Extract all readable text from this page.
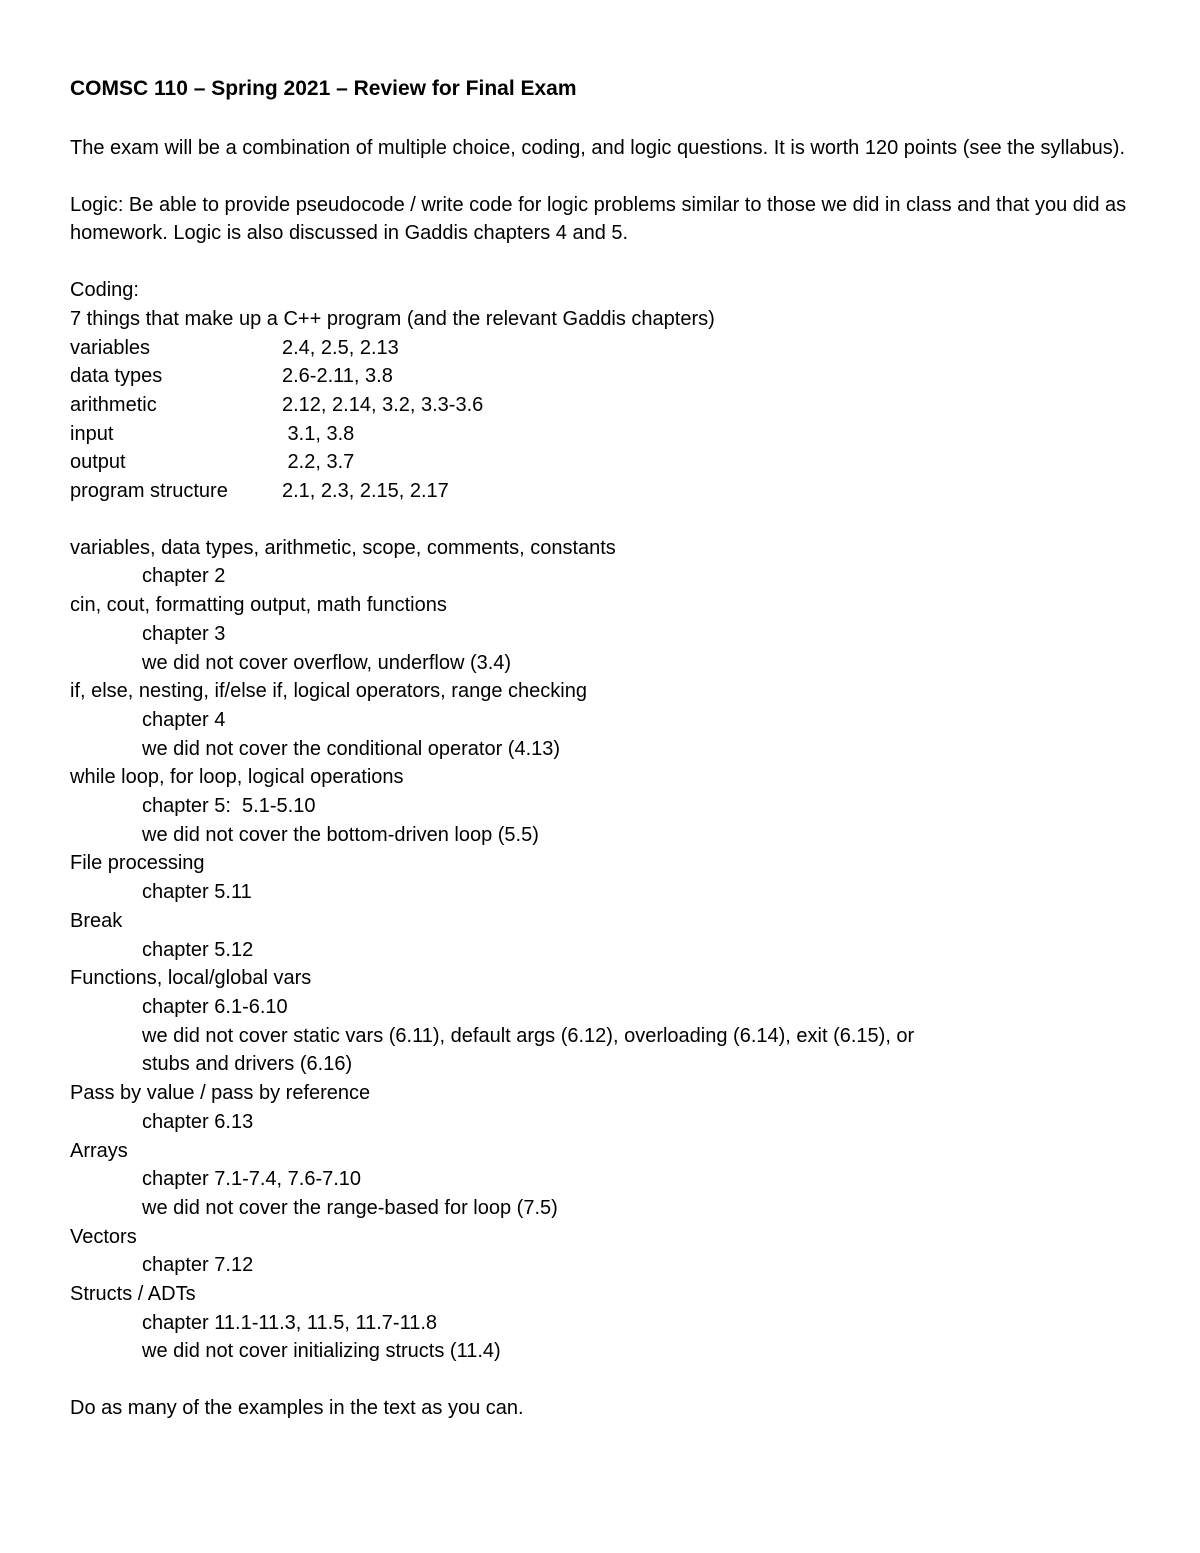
COMSC 110 – Spring 2021 – Review for Final Exam

The exam will be a combination of multiple choice, coding, and logic questions. It is worth 120 points (see the syllabus).

Logic: Be able to provide pseudocode / write code for logic problems similar to those we did in class and that you did as homework. Logic is also discussed in Gaddis chapters 4 and 5.

Coding:

7 things that make up a C++ program (and the relevant Gaddis chapters)

variables	2.4, 2.5, 2.13
data types	2.6-2.11, 3.8
arithmetic	2.12, 2.14, 3.2, 3.3-3.6
input	3.1, 3.8
output	2.2, 3.7
program structure	2.1, 2.3, 2.15, 2.17

variables, data types, arithmetic, scope, comments, constants

chapter 2

cin, cout, formatting output, math functions

chapter 3

we did not cover overflow, underflow (3.4)

if, else, nesting, if/else if, logical operators, range checking

chapter 4

we did not cover the conditional operator (4.13)

while loop, for loop, logical operations

chapter 5:  5.1-5.10

we did not cover the bottom-driven loop (5.5)

File processing

chapter 5.11

Break

chapter 5.12

Functions, local/global vars

chapter 6.1-6.10

we did not cover static vars (6.11), default args (6.12), overloading (6.14), exit (6.15), or

stubs and drivers (6.16)

Pass by value / pass by reference

chapter 6.13

Arrays

chapter 7.1-7.4, 7.6-7.10

we did not cover the range-based for loop (7.5)

Vectors

chapter 7.12

Structs / ADTs

chapter 11.1-11.3, 11.5, 11.7-11.8

we did not cover initializing structs (11.4)

Do as many of the examples in the text as you can.
